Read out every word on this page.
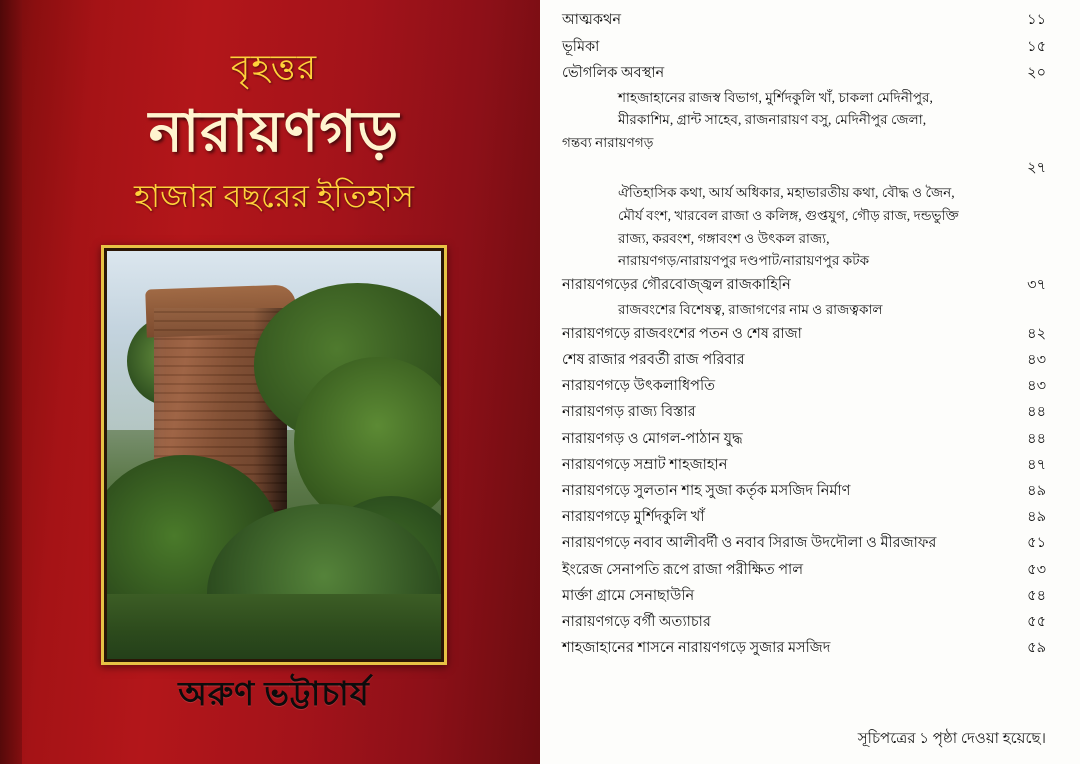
বৃহত্তর
নারায়ণগড়
হাজার বছরের ইতিহাস
অরুণ ভট্টাচার্য
আত্মকথন	১১
ভূমিকা	১৫
ভৌগলিক অবস্থান	২০
শাহজাহানের রাজস্ব বিভাগ, মুর্শিদকুলি খাঁ, চাকলা মেদিনীপুর,
মীরকাশিম, গ্রান্ট সাহেব, রাজনারায়ণ বসু, মেদিনীপুর জেলা,
গন্তব্য নারায়ণগড়
২৭
ঐতিহাসিক কথা, আর্য অধিকার, মহাভারতীয় কথা, বৌদ্ধ ও জৈন,
মৌর্য বংশ, খারবেল রাজা ও কলিঙ্গ, গুপ্তযুগ, গৌড় রাজ, দন্ডভুক্তি
রাজ্য, করবংশ, গঙ্গাবংশ ও উৎকল রাজ্য,
নারায়ণগড়/নারায়ণপুর দণ্ডপাট/নারায়ণপুর কটক
নারায়ণগড়ের গৌরবোজ্জ্বল রাজকাহিনি	৩৭
রাজবংশের বিশেষত্ব, রাজাগণের নাম ও রাজত্বকাল
নারায়ণগড়ে রাজবংশের পতন ও শেষ রাজা	৪২
শেষ রাজার পরবর্তী রাজ পরিবার	৪৩
নারায়ণগড়ে উৎকলাধিপতি	৪৩
নারায়ণগড় রাজ্য বিস্তার	৪৪
নারায়ণগড় ও মোগল-পাঠান যুদ্ধ	৪৪
নারায়ণগড়ে সম্রাট শাহজাহান	৪৭
নারায়ণগড়ে সুলতান শাহ সুজা কর্তৃক মসজিদ নির্মাণ	৪৯
নারায়ণগড়ে মুর্শিদকুলি খাঁ	৪৯
নারায়ণগড়ে নবাব আলীবর্দী ও নবাব সিরাজ উদদৌলা ও মীরজাফর	৫১
ইংরেজ সেনাপতি রূপে রাজা পরীক্ষিত পাল	৫৩
মার্ক্তা গ্রামে সেনাছাউনি	৫৪
নারায়ণগড়ে বর্গী অত্যাচার	৫৫
শাহজাহানের শাসনে নারায়ণগড়ে সুজার মসজিদ	৫৯
সূচিপত্রের ১ পৃষ্ঠা দেওয়া হয়েছে।
